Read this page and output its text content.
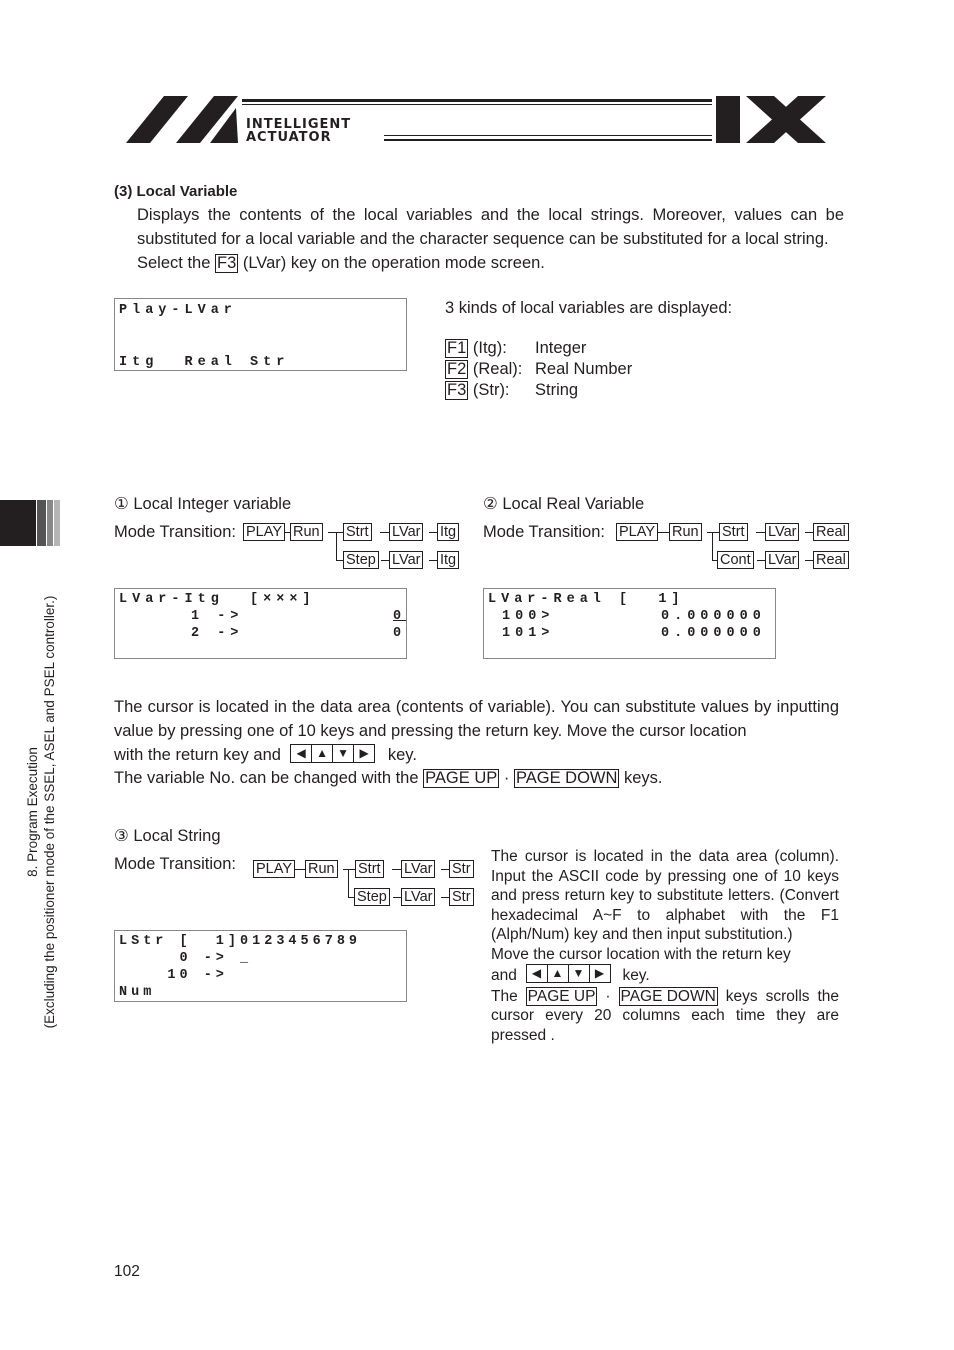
INTELLIGENT
ACTUATOR
8. Program Execution (Excluding the positioner mode of the SSEL, ASEL and PSEL controller.)
(3) Local Variable
Displays the contents of the local variables and the local strings. Moreover, values can be substituted for a local variable and the character sequence can be substituted for a local string.
Select the F3 (LVar) key on the operation mode screen.

Play-LVar

Itg  Real Str

3 kinds of local variables are displayed:
F1 (Itg): Integer
F2 (Real): Real Number
F3 (Str): String
① Local Integer variable
Mode Transition: PLAY Run Strt LVar Itg
Step LVar Itg

LVar-Itg  [×××]

1 ->

	0

2 ->

	0

② Local Real Variable
Mode Transition: PLAY Run Strt LVar Real
Cont LVar Real

LVar-Real [  1]

100>

	0.000000

101>

	0.000000

The cursor is located in the data area (contents of variable). You can substitute values by inputting value by pressing one of 10 keys and pressing the return key. Move the cursor location
with the return key and	◀ ▲ ▼ ▶	key.
The variable No. can be changed with the PAGE UP · PAGE DOWN keys.
③ Local String
Mode Transition: PLAY Run Strt LVar Str
Step LVar Str

LStr [  1]0123456789

0 -> _

10 ->

Num

The cursor is located in the data area (column). Input the ASCII code by pressing one of 10 keys and press return key to substitute letters. (Convert hexadecimal A~F to alphabet with the F1 (Alph/Num) key and then input substitution.)
Move the cursor location with the return key
and	◀ ▲ ▼ ▶	key.
The PAGE UP · PAGE DOWN keys scrolls the cursor every 20 columns each time they are pressed .
102
